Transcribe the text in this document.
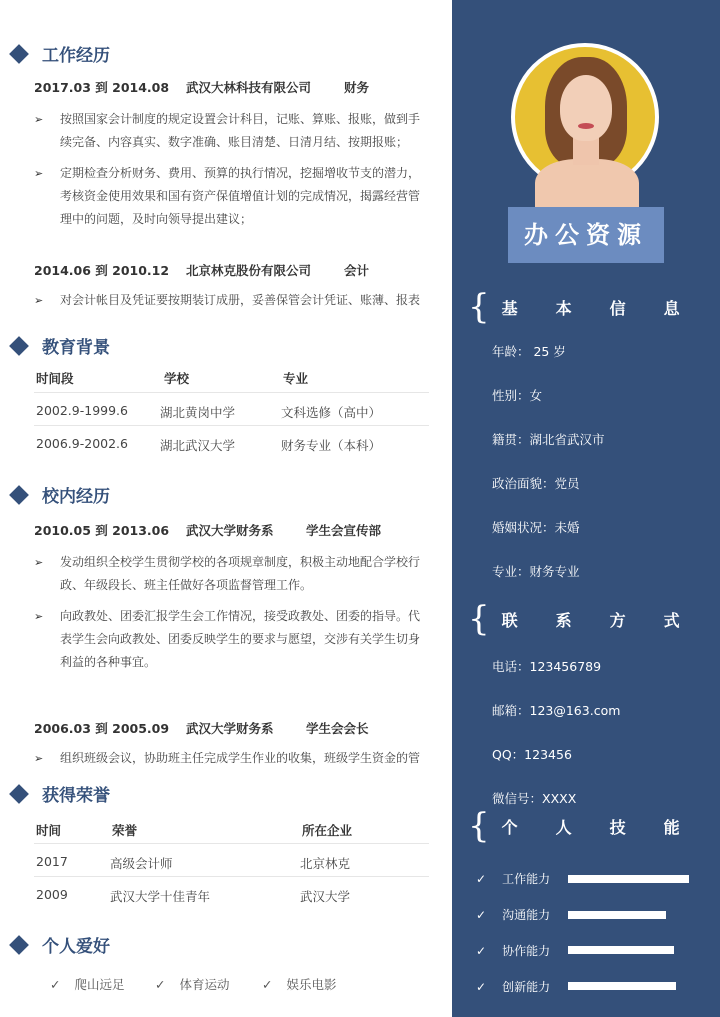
工作经历
2017.03 到 2014.08 武汉大林科技有限公司	财务
➢ 按照国家会计制度的规定设置会计科目，记账、算账、报账，做到手续完备、内容真实、数字准确、账目清楚、日清月结、按期报账；
➢ 定期检查分析财务、费用、预算的执行情况，挖掘增收节支的潜力，考核资金使用效果和国有资产保值增值计划的完成情况，揭露经营管理中的问题，及时向领导提出建议；
2014.06 到 2010.12 北京林克股份有限公司	会计
➢ 对会计帐目及凭证要按期装订成册，妥善保管会计凭证、账薄、报表
教育背景
时间段	学校	专业
2002.9-1999.6	湖北黄岗中学	文科选修（高中）
2006.9-2002.6	湖北武汉大学	财务专业（本科）
校内经历
2010.05 到 2013.06 武汉大学财务系	学生会宣传部
➢ 发动组织全校学生贯彻学校的各项规章制度，积极主动地配合学校行政、年级段长、班主任做好各项监督管理工作。
➢ 向政教处、团委汇报学生会工作情况，接受政教处、团委的指导。代表学生会向政教处、团委反映学生的要求与愿望，交涉有关学生切身利益的各种事宜。
2006.03 到 2005.09 武汉大学财务系	学生会会长
➢ 组织班级会议，协助班主任完成学生作业的收集，班级学生资金的管
获得荣誉
时间	荣誉	所在企业
2017	高级会计师	北京林克
2009	武汉大学十佳青年	武汉大学
个人爱好
✓ 爬山远足 ✓ 体育运动	✓ 娱乐电影
办公资源
{ 基 本 信 息
年龄： 25 岁
性别：女
籍贯：湖北省武汉市
政治面貌：党员
婚姻状况：未婚
专业：财务专业
{ 联 系 方 式
电话：123456789
邮箱：123@163.com
QQ：123456
微信号：XXXX
{ 个 人 技 能
✓ 工作能力
✓ 沟通能力
✓ 协作能力
✓ 创新能力
